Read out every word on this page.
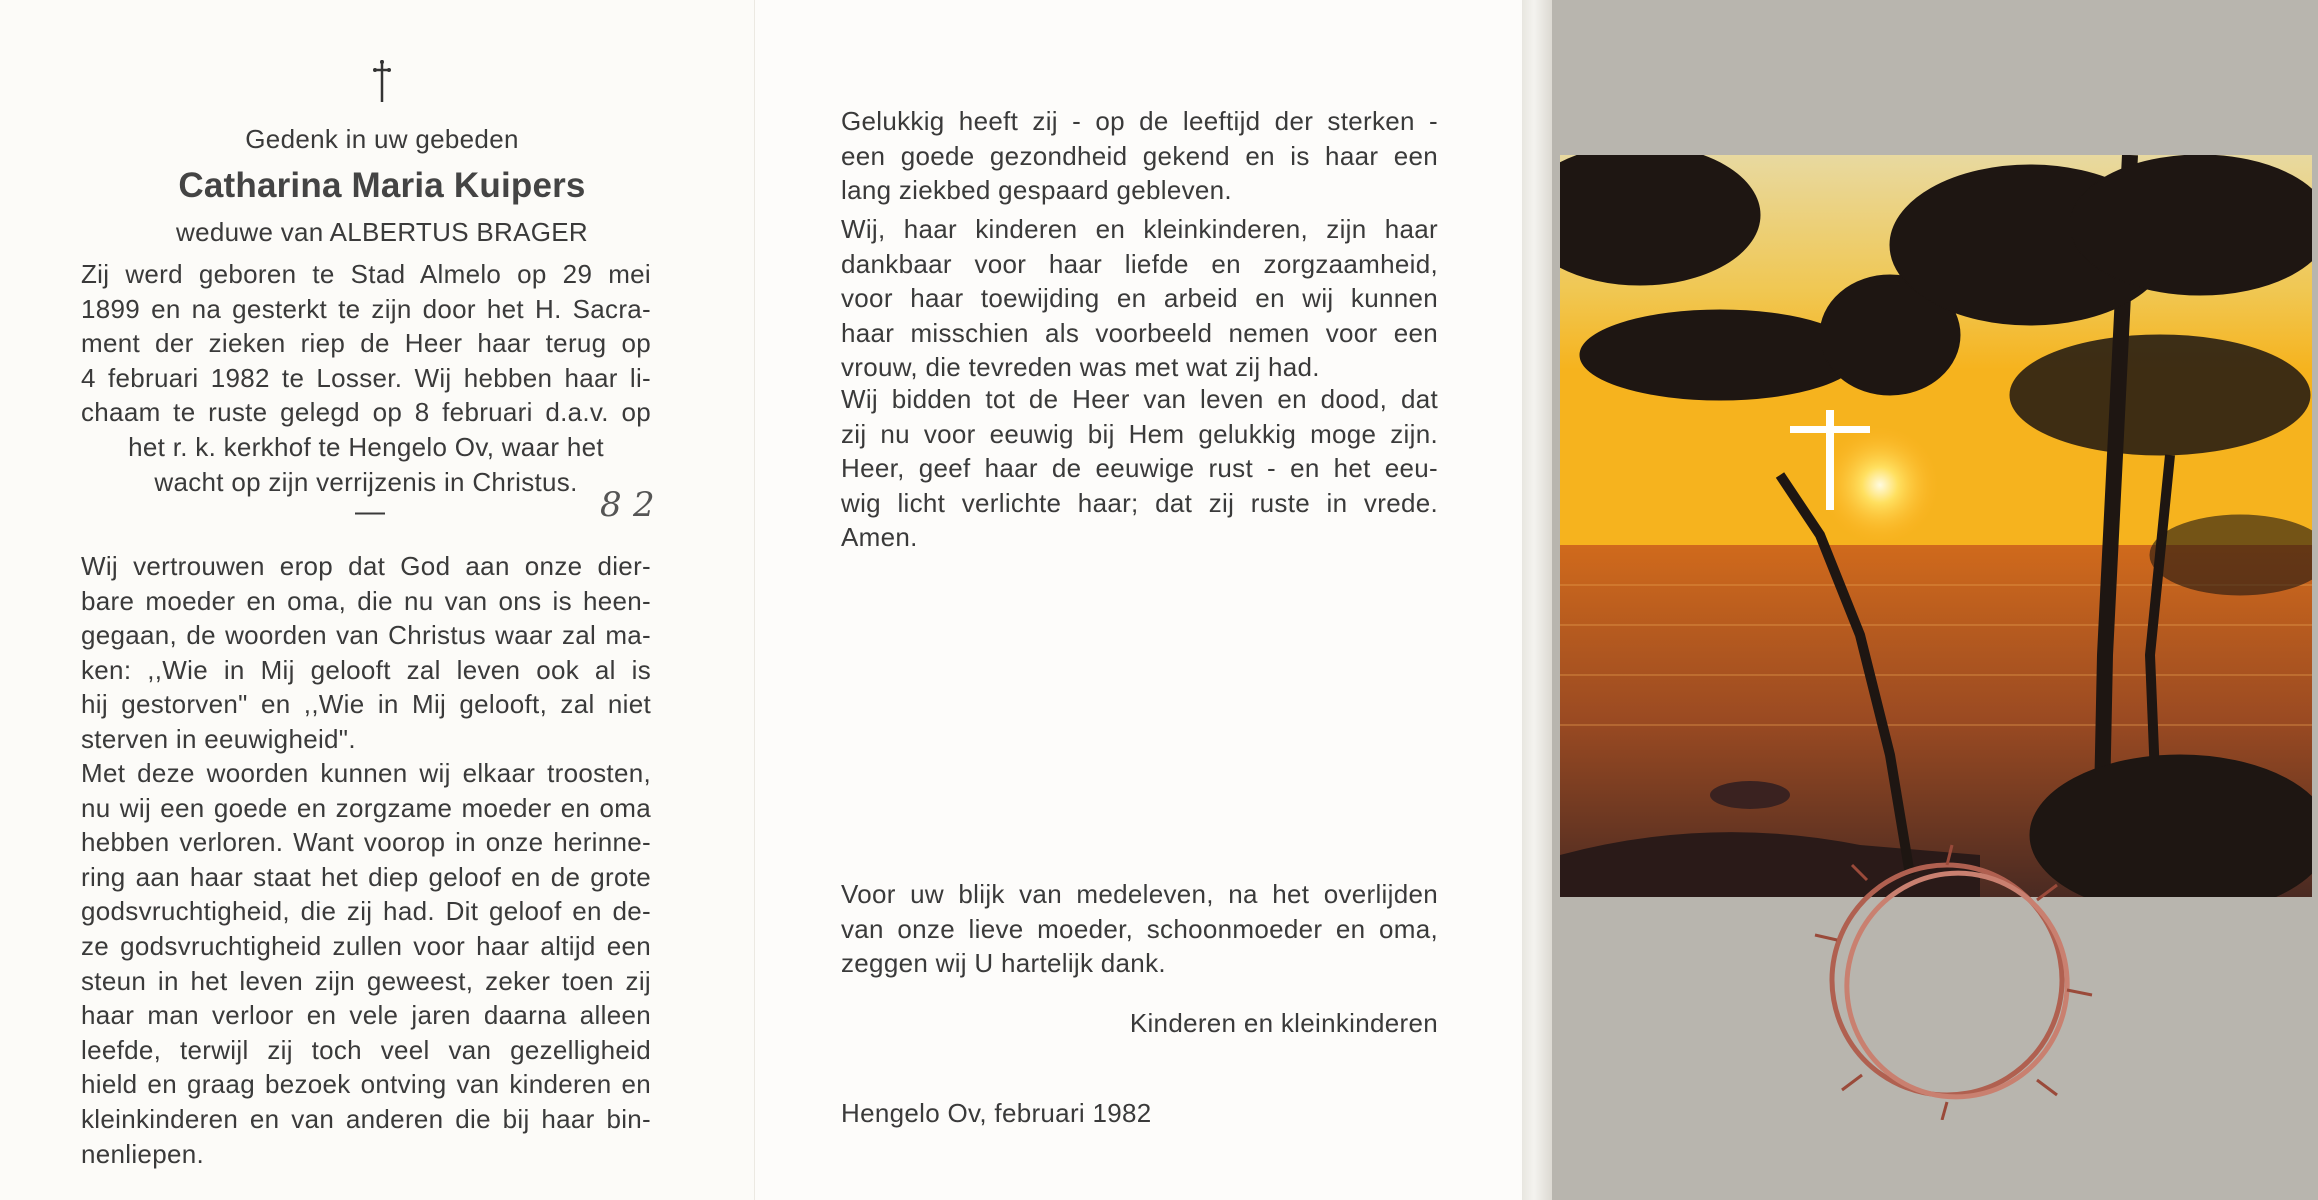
Gedenk in uw gebeden
Catharina Maria Kuipers
weduwe van ALBERTUS BRAGER
Zij werd geboren te Stad Almelo op 29 mei
1899 en na gesterkt te zijn door het H. Sacra-
ment der zieken riep de Heer haar terug op
4 februari 1982 te Losser. Wij hebben haar li-
chaam te ruste gelegd op 8 februari d.a.v. op
het r. k. kerkhof te Hengelo Ov, waar het
wacht op zijn verrijzenis in Christus.
—	8 2
Wij vertrouwen erop dat God aan onze dier-
bare moeder en oma, die nu van ons is heen-
gegaan, de woorden van Christus waar zal ma-
ken: ,,Wie in Mij gelooft zal leven ook al is
hij gestorven" en ,,Wie in Mij gelooft, zal niet
sterven in eeuwigheid".
Met deze woorden kunnen wij elkaar troosten,
nu wij een goede en zorgzame moeder en oma
hebben verloren. Want voorop in onze herinne-
ring aan haar staat het diep geloof en de grote
godsvruchtigheid, die zij had. Dit geloof en de-
ze godsvruchtigheid zullen voor haar altijd een
steun in het leven zijn geweest, zeker toen zij
haar man verloor en vele jaren daarna alleen
leefde, terwijl zij toch veel van gezelligheid
hield en graag bezoek ontving van kinderen en
kleinkinderen en van anderen die bij haar bin-
nenliepen.
Gelukkig heeft zij - op de leeftijd der sterken -
een goede gezondheid gekend en is haar een
lang ziekbed gespaard gebleven.
Wij, haar kinderen en kleinkinderen, zijn haar
dankbaar voor haar liefde en zorgzaamheid,
voor haar toewijding en arbeid en wij kunnen
haar misschien als voorbeeld nemen voor een
vrouw, die tevreden was met wat zij had.
Wij bidden tot de Heer van leven en dood, dat
zij nu voor eeuwig bij Hem gelukkig moge zijn.
Heer, geef haar de eeuwige rust - en het eeu-
wig licht verlichte haar; dat zij ruste in vrede.
Amen.
Voor uw blijk van medeleven, na het overlijden
van onze lieve moeder, schoonmoeder en oma,
zeggen wij U hartelijk dank.
Kinderen en kleinkinderen
Hengelo Ov, februari 1982
